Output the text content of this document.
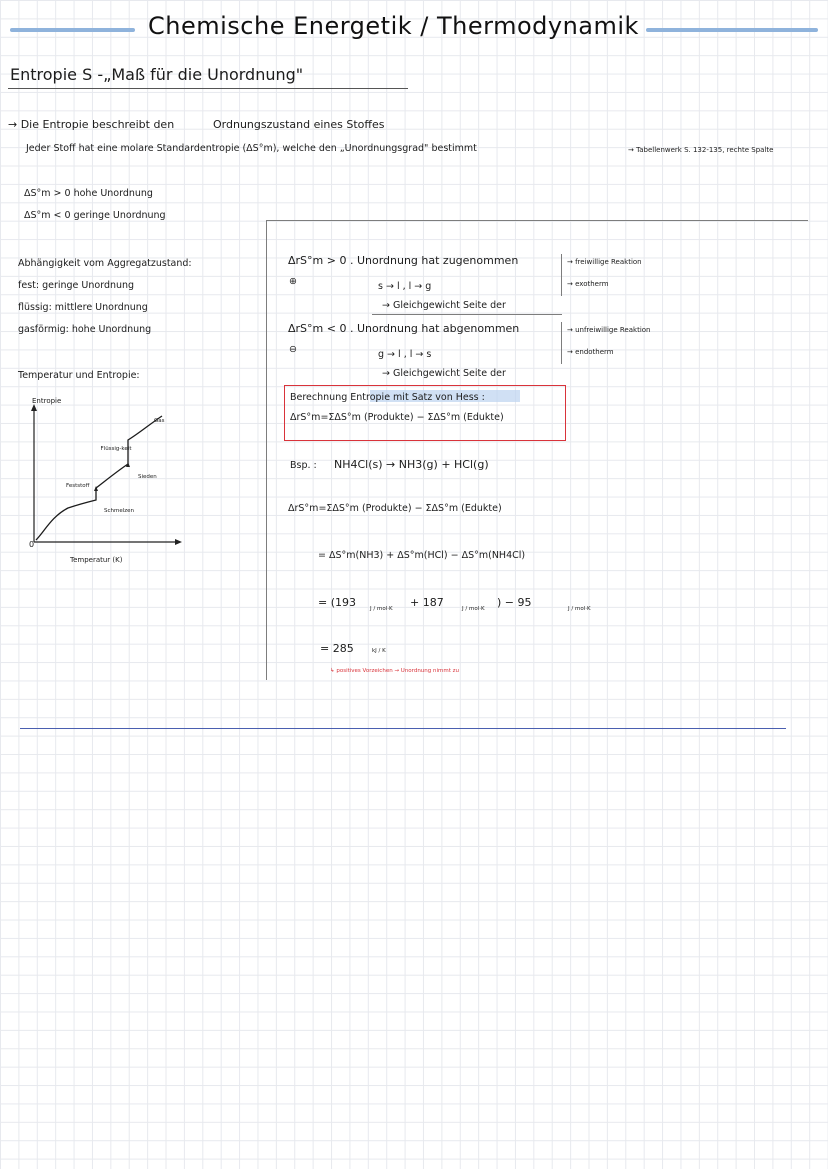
Chemische Energetik / Thermodynamik
Entropie S -„Maß für die Unordnung"
→ Die Entropie beschreibt den	Ordnungszustand eines Stoffes
Jeder Stoff hat eine molare Standardentropie (ΔS°m), welche den „Unordnungsgrad" bestimmt	→ Tabellenwerk S. 132-135, rechte Spalte
ΔS°m > 0 hohe Unordnung
ΔS°m < 0 geringe Unordnung
Abhängigkeit vom Aggregatzustand:
fest: geringe Unordnung
flüssig: mittlere Unordnung
gasförmig: hohe Unordnung
Temperatur und Entropie:
Entropie
0
Gas
Flüssig-keit
Sieden
Feststoff
Schmelzen
Temperatur (K)
ΔrS°m > 0 . Unordnung hat zugenommen	→ freiwillige Reaktion
→ exotherm
⊕	s → l , l → g
→ Gleichgewicht Seite der
ΔrS°m < 0 . Unordnung hat abgenommen	→ unfreiwillige Reaktion
→ endotherm
⊖	g → l , l → s
→ Gleichgewicht Seite der
Berechnung Entropie mit Satz von Hess :
ΔrS°m=ΣΔS°m (Produkte) − ΣΔS°m (Edukte)
Bsp. : NH4Cl(s) → NH3(g) + HCl(g)
ΔrS°m=ΣΔS°m (Produkte) − ΣΔS°m (Edukte)
= ΔS°m(NH3) + ΔS°m(HCl) − ΔS°m(NH4Cl)
= (193	J / mol·K + 187	J / mol·K ) − 95	J / mol·K
= 285	kJ / K
↳ positives Vorzeichen → Unordnung nimmt zu
